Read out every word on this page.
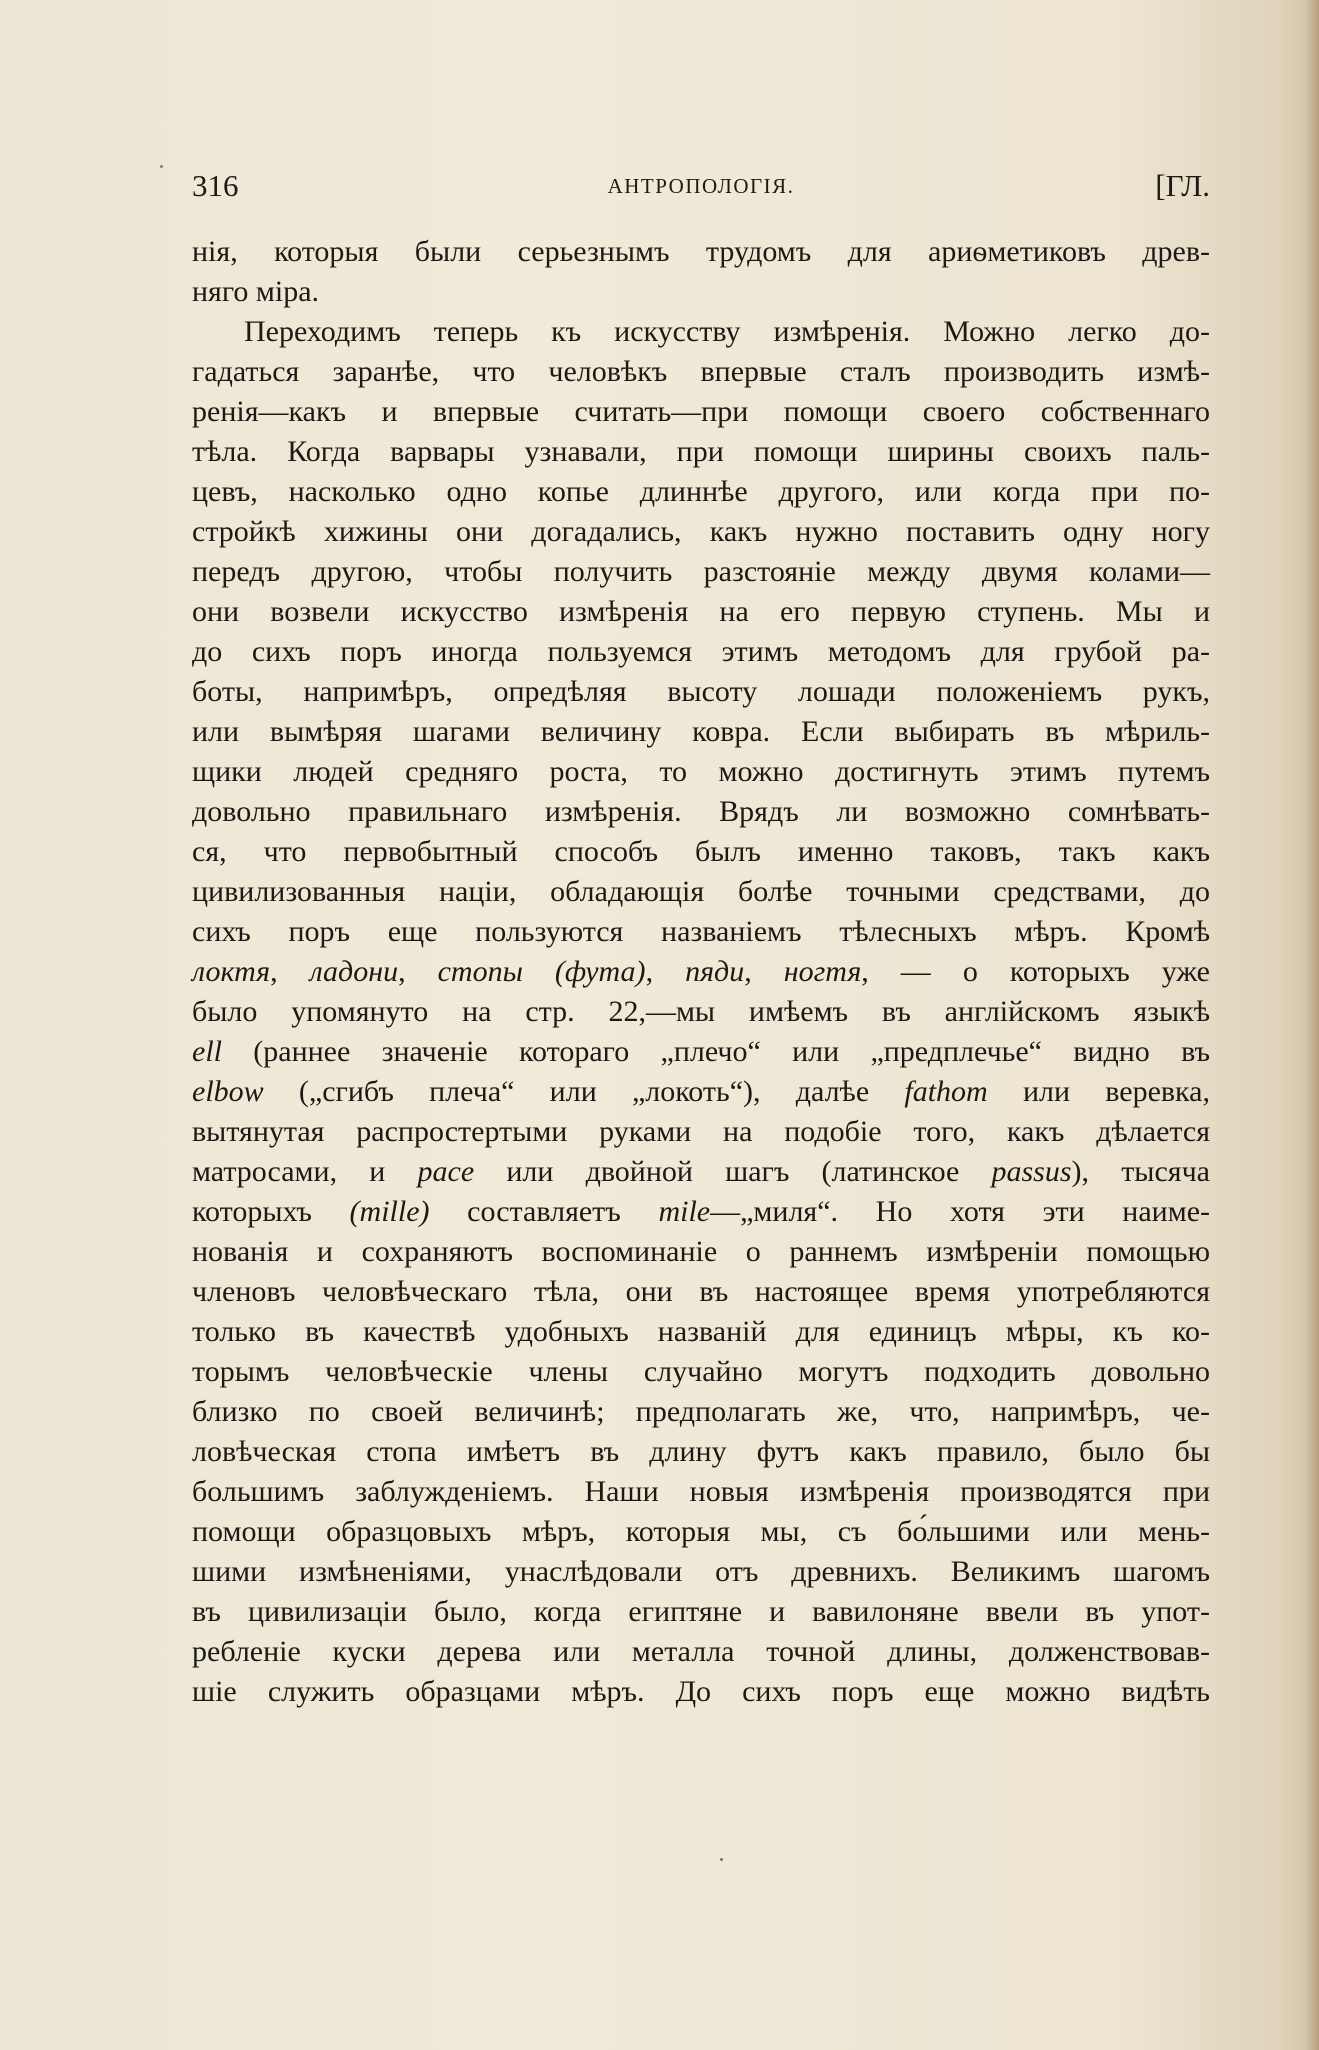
316	АНТРОПОЛОГІЯ.	[ГЛ.
нія, которыя были серьезнымъ трудомъ для ариѳметиковъ древ-
няго міра.
Переходимъ теперь къ искусству измѣренія. Можно легко до-
гадаться заранѣе, что человѣкъ впервые сталъ производить измѣ-
ренія—какъ и впервые считать—при помощи своего собственнаго
тѣла. Когда варвары узнавали, при помощи ширины своихъ паль-
цевъ, насколько одно копье длиннѣе другого, или когда при по-
стройкѣ хижины они догадались, какъ нужно поставить одну ногу
передъ другою, чтобы получить разстояніе между двумя колами—
они возвели искусство измѣренія на его первую ступень. Мы и
до сихъ поръ иногда пользуемся этимъ методомъ для грубой ра-
боты, напримѣръ, опредѣляя высоту лошади положеніемъ рукъ,
или вымѣряя шагами величину ковра. Если выбирать въ мѣриль-
щики людей средняго роста, то можно достигнуть этимъ путемъ
довольно правильнаго измѣренія. Врядъ ли возможно сомнѣвать-
ся, что первобытный способъ былъ именно таковъ, такъ какъ
цивилизованныя націи, обладающія болѣе точными средствами, до
сихъ поръ еще пользуются названіемъ тѣлесныхъ мѣръ. Кромѣ
локтя, ладони, стопы (фута), пяди, ногтя, — о которыхъ уже
было упомянуто на стр. 22,—мы имѣемъ въ англійскомъ языкѣ
ell (раннее значеніе котораго „плечо“ или „предплечье“ видно въ
elbow („сгибъ плеча“ или „локоть“), далѣе fathom или веревка,
вытянутая распростертыми руками на подобіе того, какъ дѣлается
матросами, и pace или двойной шагъ (латинское passus), тысяча
которыхъ (mille) составляетъ mile—„миля“. Но хотя эти наиме-
нованія и сохраняютъ воспоминаніе о раннемъ измѣреніи помощью
членовъ человѣческаго тѣла, они въ настоящее время употребляются
только въ качествѣ удобныхъ названій для единицъ мѣры, къ ко-
торымъ человѣческіе члены случайно могутъ подходить довольно
близко по своей величинѣ; предполагать же, что, напримѣръ, че-
ловѣческая стопа имѣетъ въ длину футъ какъ правило, было бы
большимъ заблужденіемъ. Наши новыя измѣренія производятся при
помощи образцовыхъ мѣръ, которыя мы, съ бо́льшими или мень-
шими измѣненіями, унаслѣдовали отъ древнихъ. Великимъ шагомъ
въ цивилизаціи было, когда египтяне и вавилоняне ввели въ упот-
ребленіе куски дерева или металла точной длины, долженствовав-
шіе служить образцами мѣръ. До сихъ поръ еще можно видѣть
